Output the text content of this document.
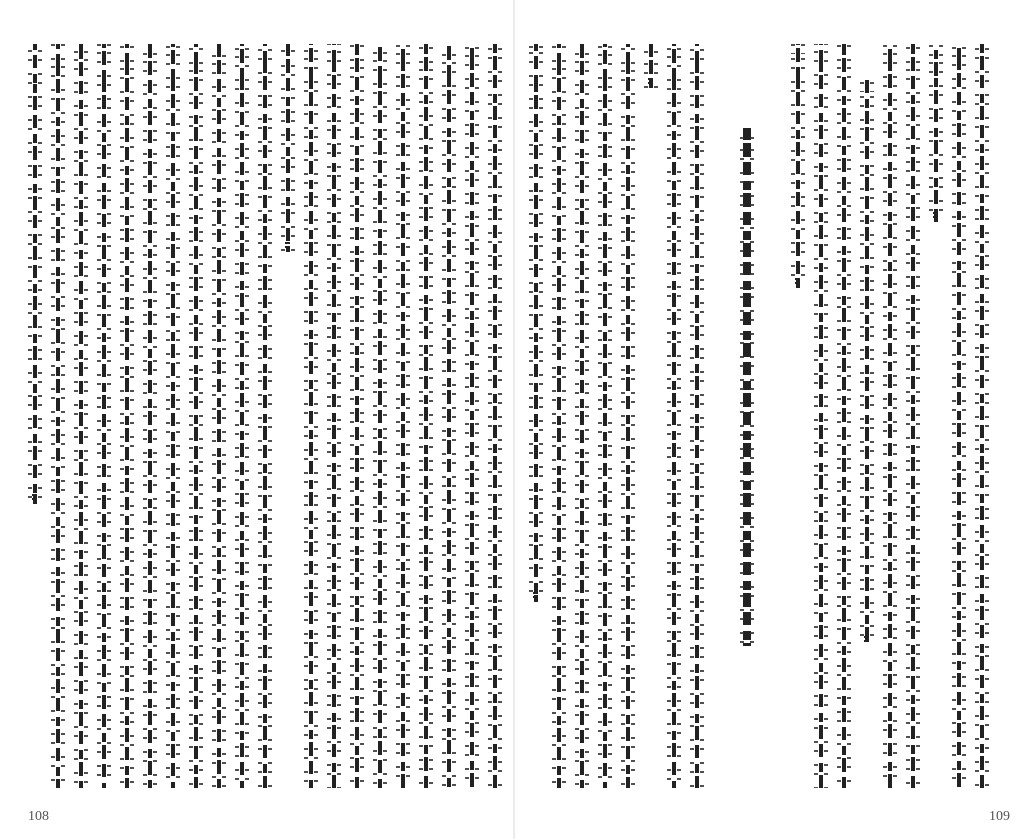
108	109
